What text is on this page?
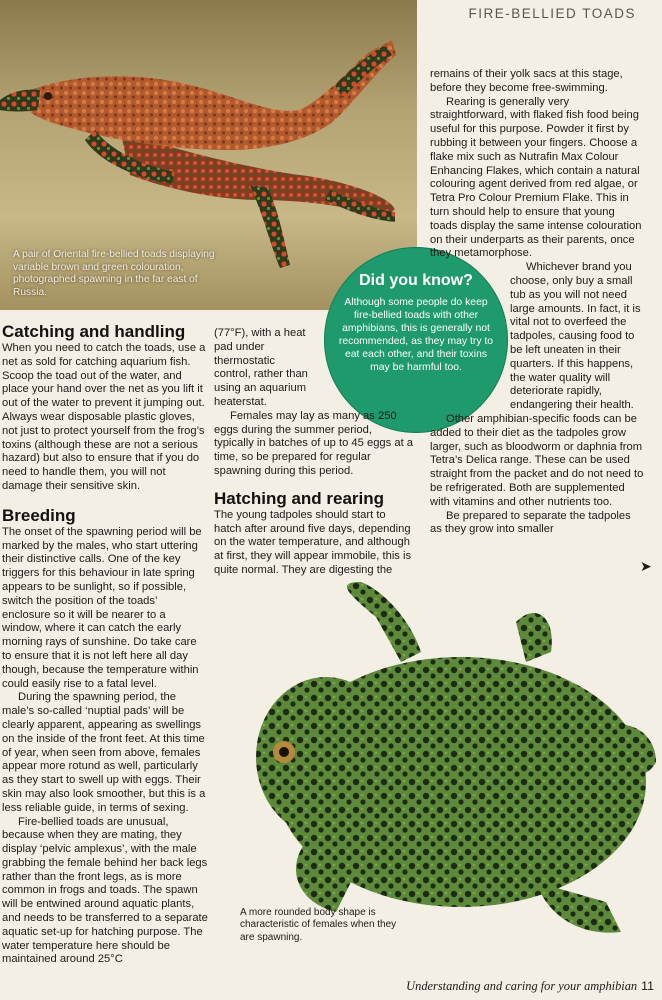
FIRE-BELLIED TOADS
A pair of Oriental fire-bellied toads displaying variable brown and green colouration, photographed spawning in the far east of Russia.
Did you know?
Although some people do keep fire-bellied toads with other amphibians, this is generally not recommended, as they may try to eat each other, and their toxins may be harmful too.
Catching and handling

When you need to catch the toads, use a net as sold for catching aquarium fish. Scoop the toad out of the water, and place your hand over the net as you lift it out of the water to prevent it jumping out. Always wear disposable plastic gloves, not just to protect yourself from the frog’s toxins (although these are not a serious hazard) but also to ensure that if you do need to handle them, you will not damage their sensitive skin.

Breeding

The onset of the spawning period will be marked by the males, who start uttering their distinctive calls. One of the key triggers for this behaviour in late spring appears to be sunlight, so if possible, switch the position of the toads’ enclosure so it will be nearer to a window, where it can catch the early morning rays of sunshine. Do take care to ensure that it is not left here all day though, because the temperature within could easily rise to a fatal level.

During the spawning period, the male’s so-called ‘nuptial pads’ will be clearly apparent, appearing as swellings on the inside of the front feet. At this time of year, when seen from above, females appear more rotund as well, particularly as they start to swell up with eggs. Their skin may also look smoother, but this is a less reliable guide, in terms of sexing.

Fire-bellied toads are unusual, because when they are mating, they display ‘pelvic amplexus’, with the male grabbing the female behind her back legs rather than the front legs, as is more common in frogs and toads. The spawn will be entwined around aquatic plants, and needs to be transferred to a separate aquatic set-up for hatching purpose. The water temperature here should be maintained around 25°C

(77°F), with a heat pad under thermostatic control, rather than using an aquarium heaterstat.

Females may lay as many as 250 eggs during the summer period, typically in batches of up to 45 eggs at a time, so be prepared for regular spawning during this period.

Hatching and rearing

The young tadpoles should start to hatch after around five days, depending on the water temperature, and although at first, they will appear immobile, this is quite normal. They are digesting the

remains of their yolk sacs at this stage, before they become free-swimming.

Rearing is generally very straightforward, with flaked fish food being useful for this purpose. Powder it first by rubbing it between your fingers. Choose a flake mix such as Nutrafin Max Colour Enhancing Flakes, which contain a natural colouring agent derived from red algae, or Tetra Pro Colour Premium Flake. This in turn should help to ensure that young toads display the same intense colouration on their underparts as their parents, once they metamorphose.

Whichever brand you choose, only buy a small tub as you will not need large amounts. In fact, it is vital not to overfeed the tadpoles, causing food to be left uneaten in their quarters. If this happens, the water quality will deteriorate rapidly, endangering their health.

Other amphibian-specific foods can be added to their diet as the tadpoles grow larger, such as bloodworm or daphnia from Tetra’s Delica range. These can be used straight from the packet and do not need to be refrigerated. Both are supplemented with vitamins and other nutrients too.

Be prepared to separate the tadpoles as they grow into smaller

➤
A more rounded body shape is characteristic of females when they are spawning.
Understanding and caring for your amphibian 11
